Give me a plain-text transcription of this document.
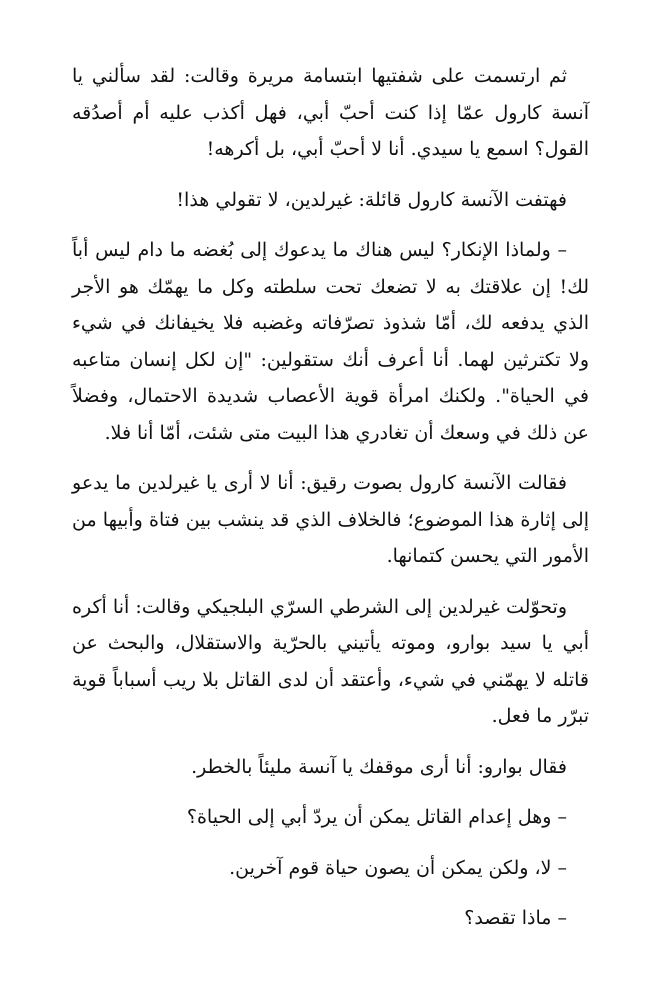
ثم ارتسمت على شفتيها ابتسامة مريرة وقالت: لقد سألني يا آنسة كارول عمّا إذا كنت أحبّ أبي، فهل أكذب عليه أم أصدُقه القول؟ اسمع يا سيدي. أنا لا أحبّ أبي، بل أكرهه!

فهتفت الآنسة كارول قائلة: غيرلدين، لا تقولي هذا!

– ولماذا الإنكار؟ ليس هناك ما يدعوك إلى بُغضه ما دام ليس أباً لك! إن علاقتك به لا تضعك تحت سلطته وكل ما يهمّك هو الأجر الذي يدفعه لك، أمّا شذوذ تصرّفاته وغضبه فلا يخيفانك في شيء ولا تكترثين لهما. أنا أعرف أنك ستقولين: "إن لكل إنسان متاعبه في الحياة". ولكنك امرأة قوية الأعصاب شديدة الاحتمال، وفضلاً عن ذلك في وسعك أن تغادري هذا البيت متى شئت، أمّا أنا فلا.

فقالت الآنسة كارول بصوت رقيق: أنا لا أرى يا غيرلدين ما يدعو إلى إثارة هذا الموضوع؛ فالخلاف الذي قد ينشب بين فتاة وأبيها من الأمور التي يحسن كتمانها.

وتحوّلت غيرلدين إلى الشرطي السرّي البلجيكي وقالت: أنا أكره أبي يا سيد بوارو، وموته يأتيني بالحرّية والاستقلال، والبحث عن قاتله لا يهمّني في شيء، وأعتقد أن لدى القاتل بلا ريب أسباباً قوية تبرّر ما فعل.

فقال بوارو: أنا أرى موقفك يا آنسة مليئاً بالخطر.

– وهل إعدام القاتل يمكن أن يردّ أبي إلى الحياة؟

– لا، ولكن يمكن أن يصون حياة قوم آخرين.

– ماذا تقصد؟
